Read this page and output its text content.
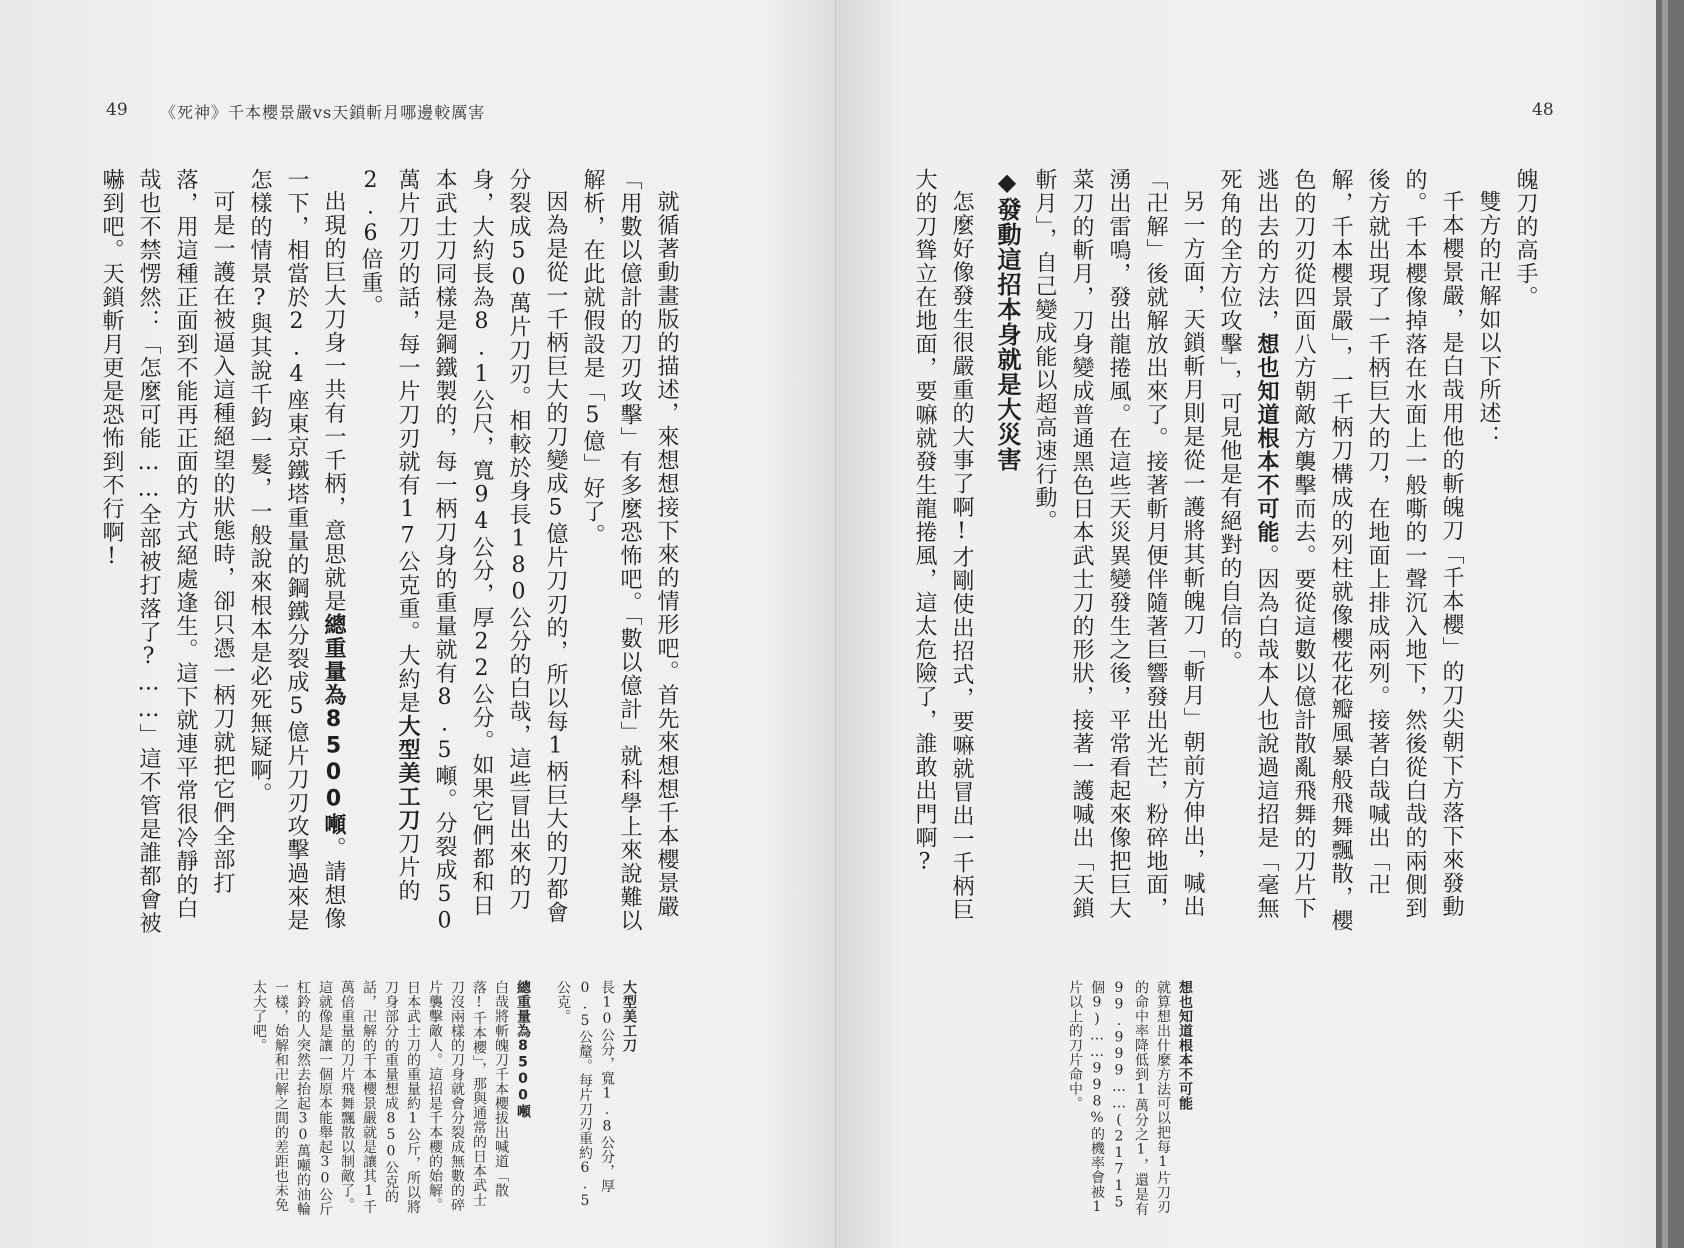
49 《死神》千本櫻景嚴vs天鎖斬月哪邊較厲害

就循著動畫版的描述，來想想接下來的情形吧。首先來想想千本櫻景嚴「用數以億計的刀刃攻擊」有多麼恐怖吧。「數以億計」就科學上來說難以解析，在此就假設是「5億」好了。

因為是從一千柄巨大的刀變成5億片刀刃的，所以每1柄巨大的刀都會分裂成50萬片刀刃。相較於身長180公分的白哉，這些冒出來的刀身，大約長為8.1公尺，寬94公分，厚22公分。如果它們都和日本武士刀同樣是鋼鐵製的，每一柄刀身的重量就有8.5噸。分裂成50萬片刀刃的話，每一片刀刃就有17公克重。大約是大型美工刀刀片的2.6倍重。

出現的巨大刀身一共有一千柄，意思就是總重量為8500噸。請想像一下，相當於2.4座東京鐵塔重量的鋼鐵分裂成5億片刀刃攻擊過來是怎樣的情景?與其說千鈞一髮，一般說來根本是必死無疑啊。

可是一護在被逼入這種絕望的狀態時，卻只憑一柄刀就把它們全部打落，用這種正面到不能再正面的方式絕處逢生。這下就連平常很冷靜的白哉也不禁愣然：「怎麼可能……全部被打落了?……」這不管是誰都會被嚇到吧。天鎖斬月更是恐怖到不行啊!

大型美工刀

長10公分，寬1.8公分，厚0.5公釐。每片刀刃重約6.5公克。

總重量為8500噸

白哉將斬魄刀千本櫻拔出喊道「散落!千本櫻」，那與通常的日本武士刀沒兩樣的刀身就會分裂成無數的碎片襲擊敵人。這招是千本櫻的始解。日本武士刀的重量約1公斤，所以將刀身部分的重量想成850公克的話，卍解的千本櫻景嚴就是讓其1千萬倍重量的刀片飛舞飄散以制敵了。這就像是讓一個原本能舉起30公斤杠鈴的人突然去抬起30萬噸的油輪一樣，始解和卍解之間的差距也未免太大了吧。

48

魄刀的高手。

雙方的卍解如以下所述：

千本櫻景嚴，是白哉用他的斬魄刀「千本櫻」的刀尖朝下方落下來發動的。千本櫻像掉落在水面上一般嘶的一聲沉入地下，然後從白哉的兩側到後方就出現了一千柄巨大的刀，在地面上排成兩列。接著白哉喊出「卍解，千本櫻景嚴」，一千柄刀構成的列柱就像櫻花花瓣風暴般飛舞飄散，櫻色的刀刃從四面八方朝敵方襲擊而去。要從這數以億計散亂飛舞的刀片下逃出去的方法，想也知道根本不可能。因為白哉本人也說過這招是「毫無死角的全方位攻擊」，可見他是有絕對的自信的。

另一方面，天鎖斬月則是從一護將其斬魄刀「斬月」朝前方伸出，喊出「卍解」後就解放出來了。接著斬月便伴隨著巨響發出光芒，粉碎地面，湧出雷鳴，發出龍捲風。在這些天災異變發生之後，平常看起來像把巨大菜刀的斬月，刀身變成普通黑色日本武士刀的形狀，接著一護喊出「天鎖斬月」，自己變成能以超高速行動。

◆發動這招本身就是大災害

怎麼好像發生很嚴重的大事了啊!才剛使出招式，要嘛就冒出一千柄巨大的刀聳立在地面，要嘛就發生龍捲風，這太危險了，誰敢出門啊?

想也知道根本不可能

就算想出什麼方法可以把每1片刀刃的命中率降低到1萬分之1，還是有99.999……(21715個9)……998%的機率會被1片以上的刀片命中。
